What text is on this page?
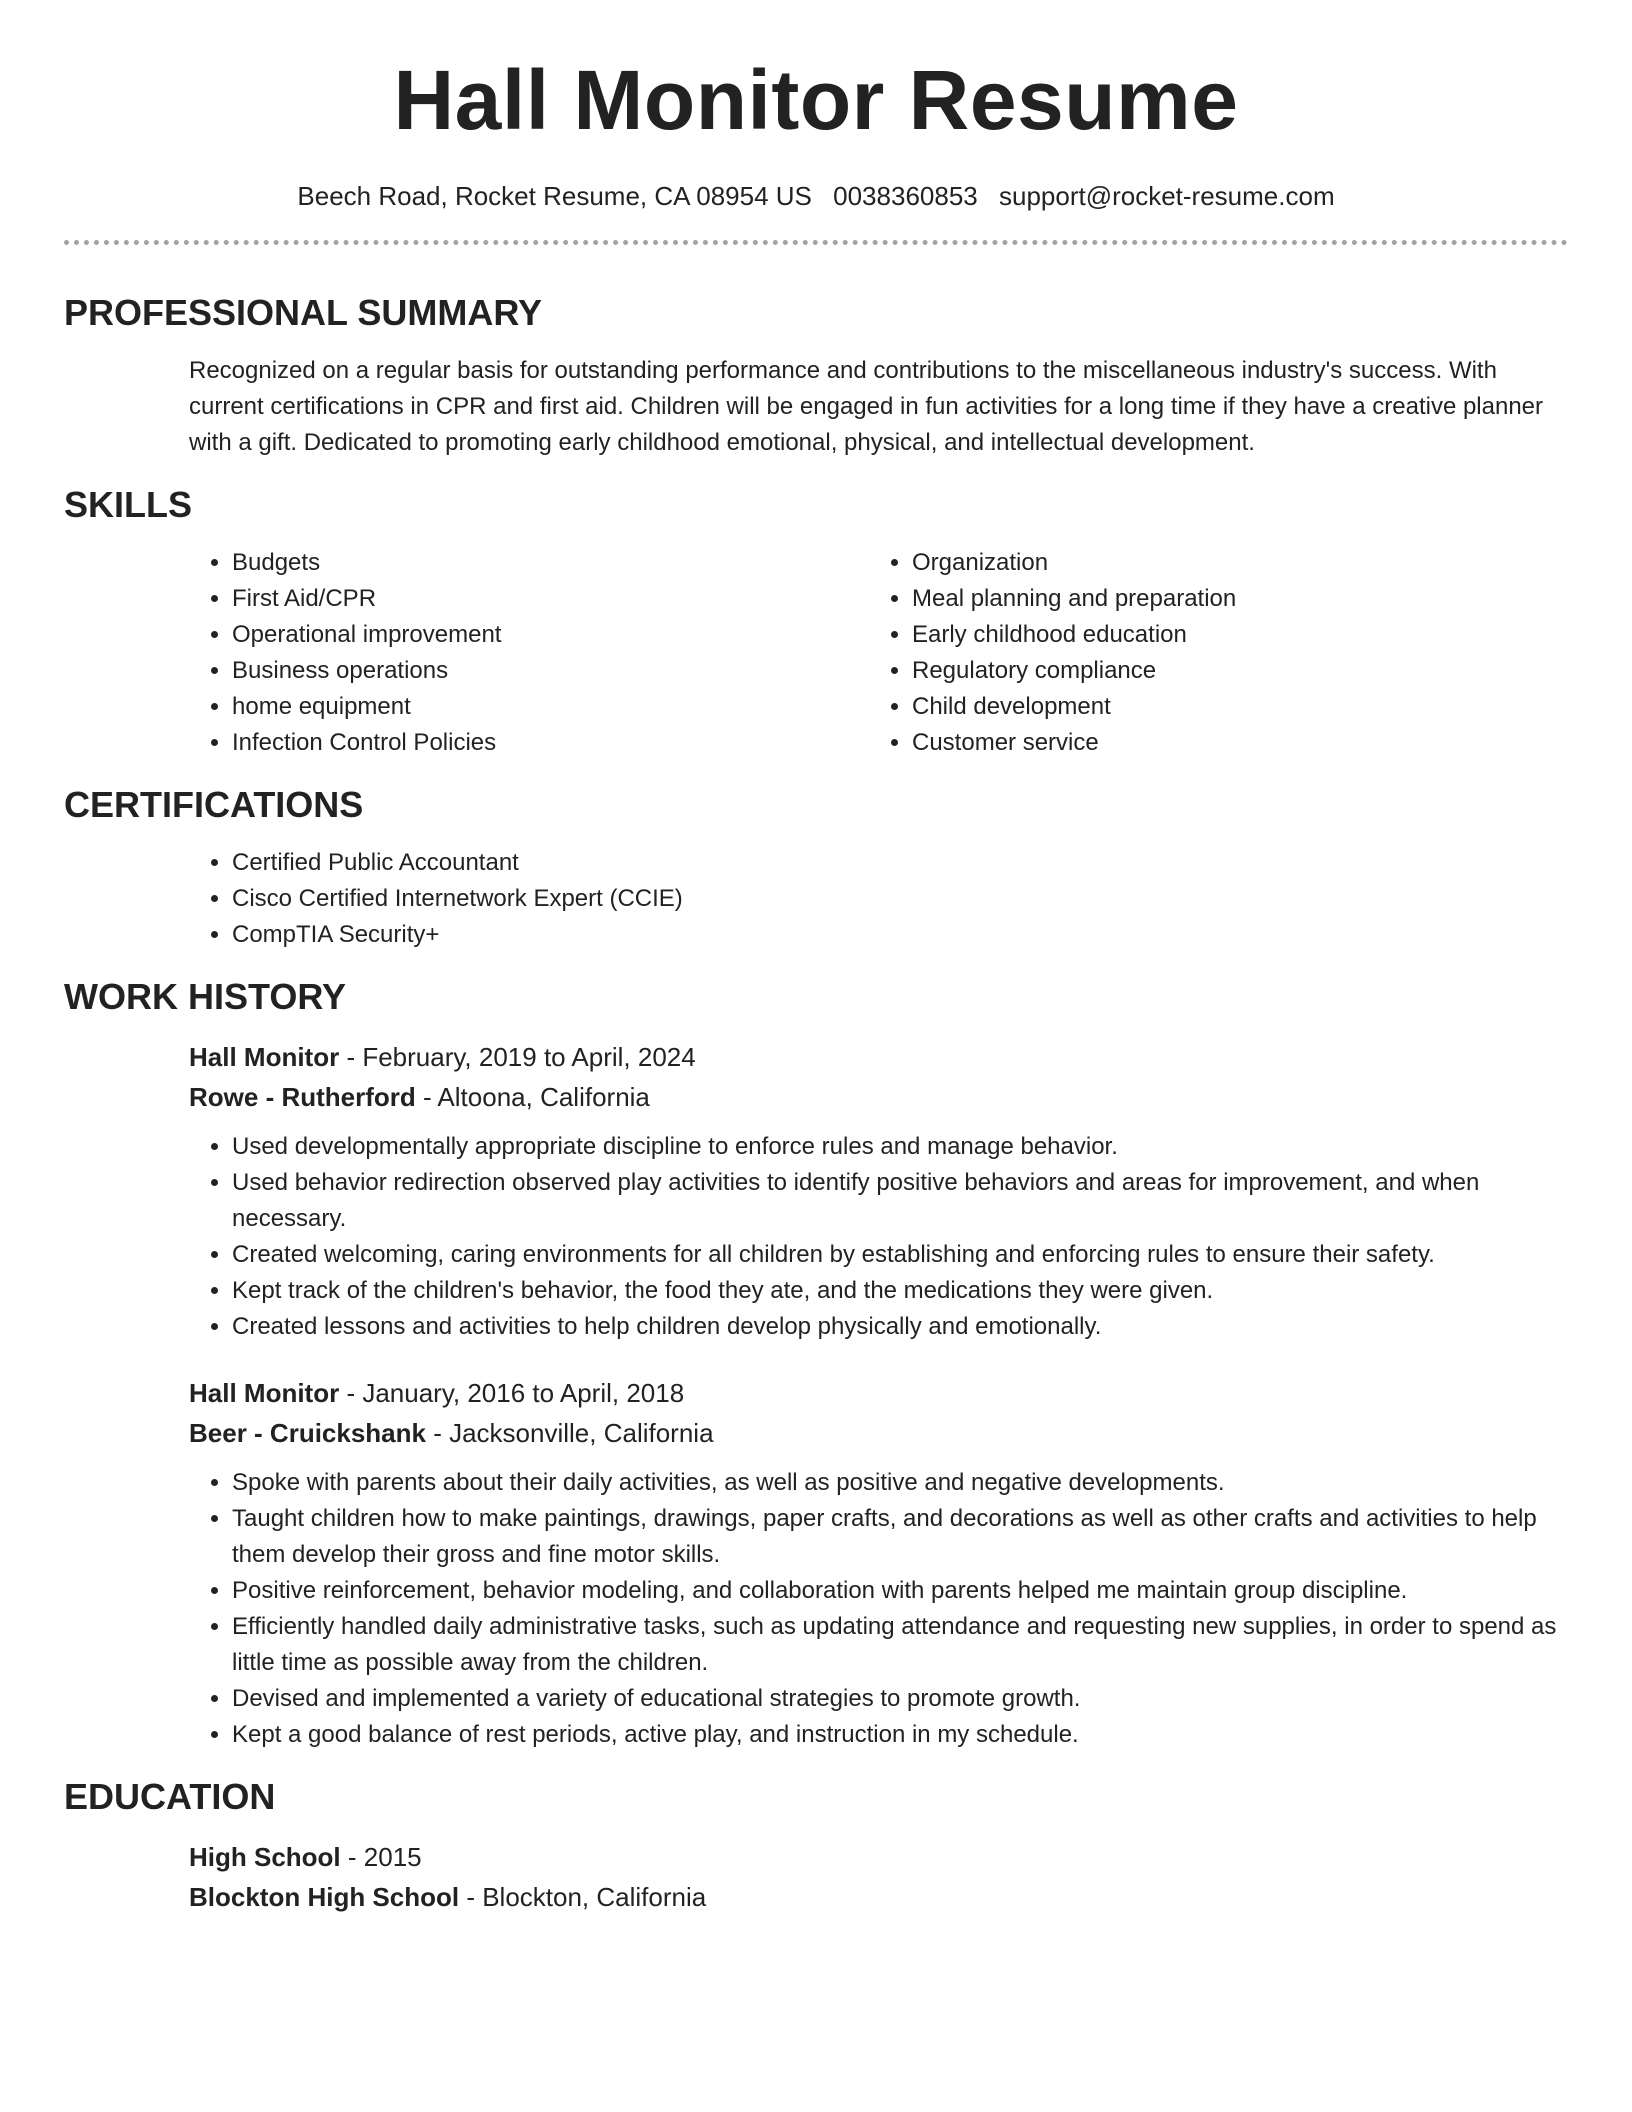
Hall Monitor Resume
Beech Road, Rocket Resume, CA 08954 US 0038360853 support@rocket-resume.com
PROFESSIONAL SUMMARY

Recognized on a regular basis for outstanding performance and contributions to the miscellaneous industry's success. With current certifications in CPR and first aid. Children will be engaged in fun activities for a long time if they have a creative planner with a gift. Dedicated to promoting early childhood emotional, physical, and intellectual development.

SKILLS
• Budgets
• First Aid/CPR
• Operational improvement
• Business operations
• home equipment
• Infection Control Policies
• Organization
• Meal planning and preparation
• Early childhood education
• Regulatory compliance
• Child development
• Customer service
CERTIFICATIONS
• Certified Public Accountant
• Cisco Certified Internetwork Expert (CCIE)
• CompTIA Security+
WORK HISTORY
Hall Monitor - February, 2019 to April, 2024
Rowe - Rutherford - Altoona, California
• Used developmentally appropriate discipline to enforce rules and manage behavior.
• Used behavior redirection observed play activities to identify positive behaviors and areas for improvement, and when necessary.
• Created welcoming, caring environments for all children by establishing and enforcing rules to ensure their safety.
• Kept track of the children's behavior, the food they ate, and the medications they were given.
• Created lessons and activities to help children develop physically and emotionally.
Hall Monitor - January, 2016 to April, 2018
Beer - Cruickshank - Jacksonville, California
• Spoke with parents about their daily activities, as well as positive and negative developments.
• Taught children how to make paintings, drawings, paper crafts, and decorations as well as other crafts and activities to help them develop their gross and fine motor skills.
• Positive reinforcement, behavior modeling, and collaboration with parents helped me maintain group discipline.
• Efficiently handled daily administrative tasks, such as updating attendance and requesting new supplies, in order to spend as little time as possible away from the children.
• Devised and implemented a variety of educational strategies to promote growth.
• Kept a good balance of rest periods, active play, and instruction in my schedule.
EDUCATION
High School - 2015
Blockton High School - Blockton, California
